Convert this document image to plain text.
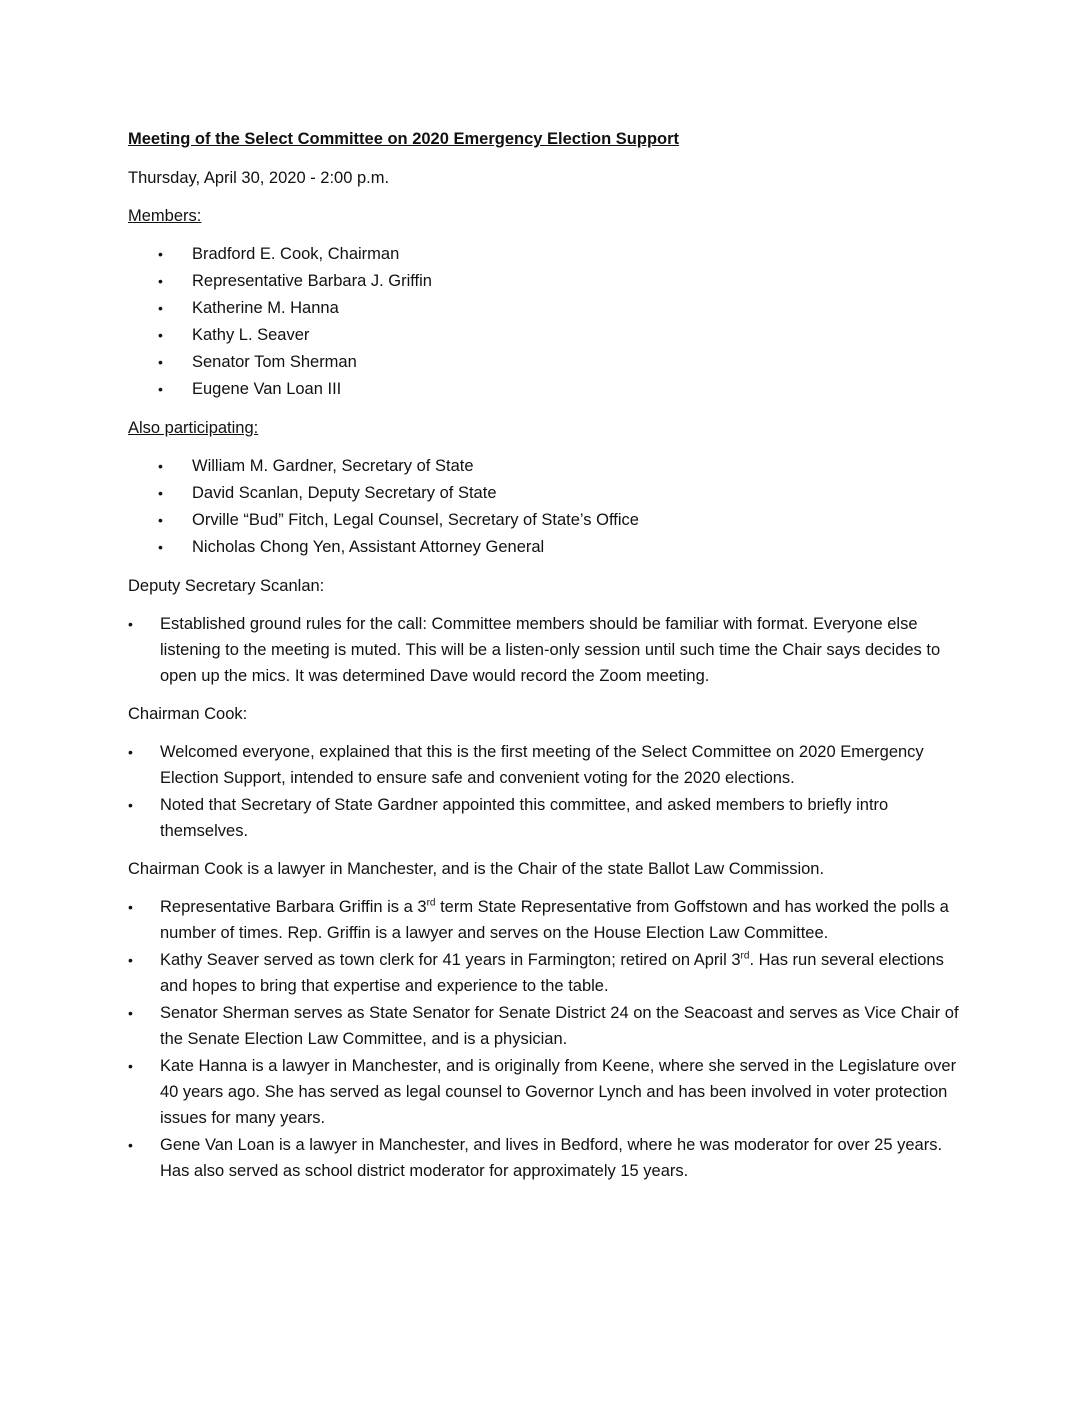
Meeting of the Select Committee on 2020 Emergency Election Support
Thursday, April 30, 2020 - 2:00 p.m.
Members:
• Bradford E. Cook, Chairman
• Representative Barbara J. Griffin
• Katherine M. Hanna
• Kathy L. Seaver
• Senator Tom Sherman
• Eugene Van Loan III
Also participating:
• William M. Gardner, Secretary of State
• David Scanlan, Deputy Secretary of State
• Orville “Bud” Fitch, Legal Counsel, Secretary of State’s Office
• Nicholas Chong Yen, Assistant Attorney General
Deputy Secretary Scanlan:
• Established ground rules for the call: Committee members should be familiar with format. Everyone else listening to the meeting is muted. This will be a listen-only session until such time the Chair says decides to open up the mics. It was determined Dave would record the Zoom meeting.
Chairman Cook:
• Welcomed everyone, explained that this is the first meeting of the Select Committee on 2020 Emergency Election Support, intended to ensure safe and convenient voting for the 2020 elections.
• Noted that Secretary of State Gardner appointed this committee, and asked members to briefly intro themselves.
Chairman Cook is a lawyer in Manchester, and is the Chair of the state Ballot Law Commission.
• Representative Barbara Griffin is a 3rd term State Representative from Goffstown and has worked the polls a number of times. Rep. Griffin is a lawyer and serves on the House Election Law Committee.
• Kathy Seaver served as town clerk for 41 years in Farmington; retired on April 3rd. Has run several elections and hopes to bring that expertise and experience to the table.
• Senator Sherman serves as State Senator for Senate District 24 on the Seacoast and serves as Vice Chair of the Senate Election Law Committee, and is a physician.
• Kate Hanna is a lawyer in Manchester, and is originally from Keene, where she served in the Legislature over 40 years ago. She has served as legal counsel to Governor Lynch and has been involved in voter protection issues for many years.
• Gene Van Loan is a lawyer in Manchester, and lives in Bedford, where he was moderator for over 25 years. Has also served as school district moderator for approximately 15 years.
